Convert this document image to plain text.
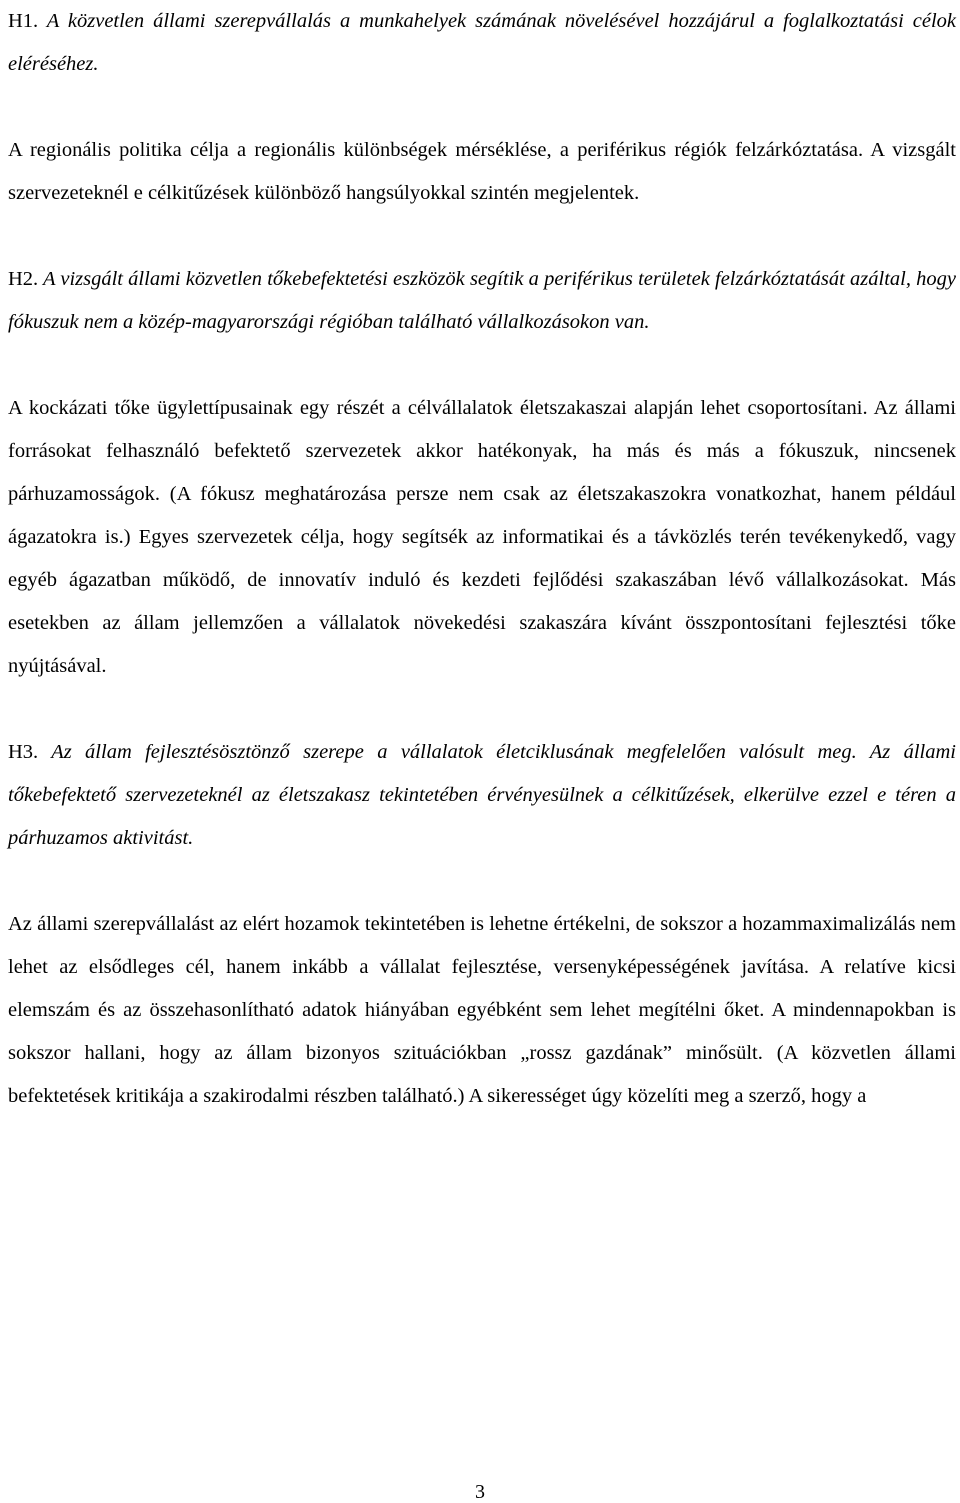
H1. A közvetlen állami szerepvállalás a munkahelyek számának növelésével hozzájárul a foglalkoztatási célok eléréséhez.

A regionális politika célja a regionális különbségek mérséklése, a periférikus régiók felzárkóztatása. A vizsgált szervezeteknél e célkitűzések különböző hangsúlyokkal szintén megjelentek.

H2. A vizsgált állami közvetlen tőkebefektetési eszközök segítik a periférikus területek felzárkóztatását azáltal, hogy fókuszuk nem a közép-magyarországi régióban található vállalkozásokon van.

A kockázati tőke ügylettípusainak egy részét a célvállalatok életszakaszai alapján lehet csoportosítani. Az állami forrásokat felhasználó befektető szervezetek akkor hatékonyak, ha más és más a fókuszuk, nincsenek párhuzamosságok. (A fókusz meghatározása persze nem csak az életszakaszokra vonatkozhat, hanem például ágazatokra is.) Egyes szervezetek célja, hogy segítsék az informatikai és a távközlés terén tevékenykedő, vagy egyéb ágazatban működő, de innovatív induló és kezdeti fejlődési szakaszában lévő vállalkozásokat. Más esetekben az állam jellemzően a vállalatok növekedési szakaszára kívánt összpontosítani fejlesztési tőke nyújtásával.

H3. Az állam fejlesztésösztönző szerepe a vállalatok életciklusának megfelelően valósult meg. Az állami tőkebefektető szervezeteknél az életszakasz tekintetében érvényesülnek a célkitűzések, elkerülve ezzel e téren a párhuzamos aktivitást.

Az állami szerepvállalást az elért hozamok tekintetében is lehetne értékelni, de sokszor a hozammaximalizálás nem lehet az elsődleges cél, hanem inkább a vállalat fejlesztése, versenyképességének javítása. A relatíve kicsi elemszám és az összehasonlítható adatok hiányában egyébként sem lehet megítélni őket. A mindennapokban is sokszor hallani, hogy az állam bizonyos szituációkban „rossz gazdának” minősült. (A közvetlen állami befektetések kritikája a szakirodalmi részben található.) A sikerességet úgy közelíti meg a szerző, hogy a

3
